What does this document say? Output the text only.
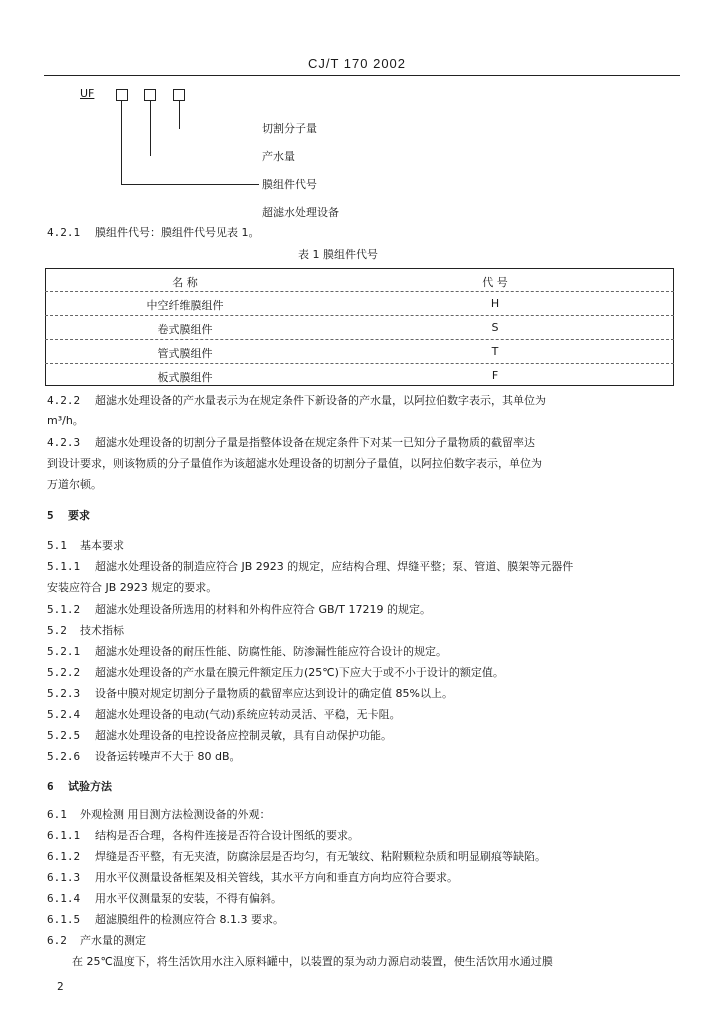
CJ/T 170 2002
UF
切割分子量
产水量
膜组件代号
超滤水处理设备
4.2.1 膜组件代号：膜组件代号见表 1。
表 1 膜组件代号
名 称	代 号
中空纤维膜组件	H
卷式膜组件	S
管式膜组件	T
板式膜组件	F
4.2.2 超滤水处理设备的产水量表示为在规定条件下新设备的产水量，以阿拉伯数字表示，其单位为
m³/h。
4.2.3 超滤水处理设备的切割分子量是指整体设备在规定条件下对某一已知分子量物质的截留率达
到设计要求，则该物质的分子量值作为该超滤水处理设备的切割分子量值，以阿拉伯数字表示，单位为
万道尔顿。
5 要求
5.1 基本要求
5.1.1 超滤水处理设备的制造应符合 JB 2923 的规定，应结构合理、焊缝平整；泵、管道、膜架等元器件
安装应符合 JB 2923 规定的要求。
5.1.2 超滤水处理设备所选用的材料和外构件应符合 GB/T 17219 的规定。
5.2 技术指标
5.2.1 超滤水处理设备的耐压性能、防腐性能、防渗漏性能应符合设计的规定。
5.2.2 超滤水处理设备的产水量在膜元件额定压力(25℃)下应大于或不小于设计的额定值。
5.2.3 设备中膜对规定切割分子量物质的截留率应达到设计的确定值 85%以上。
5.2.4 超滤水处理设备的电动(气动)系统应转动灵活、平稳，无卡阻。
5.2.5 超滤水处理设备的电控设备应控制灵敏，具有自动保护功能。
5.2.6 设备运转噪声不大于 80 dB。
6 试验方法
6.1 外观检测 用目测方法检测设备的外观：
6.1.1 结构是否合理，各构件连接是否符合设计图纸的要求。
6.1.2 焊缝是否平整，有无夹渣，防腐涂层是否均匀，有无皱纹、粘附颗粒杂质和明显刷痕等缺陷。
6.1.3 用水平仪测量设备框架及相关管线，其水平方向和垂直方向均应符合要求。
6.1.4 用水平仪测量泵的安装，不得有偏斜。
6.1.5 超滤膜组件的检测应符合 8.1.3 要求。
6.2 产水量的测定
在 25℃温度下，将生活饮用水注入原料罐中，以装置的泵为动力源启动装置，使生活饮用水通过膜
2
